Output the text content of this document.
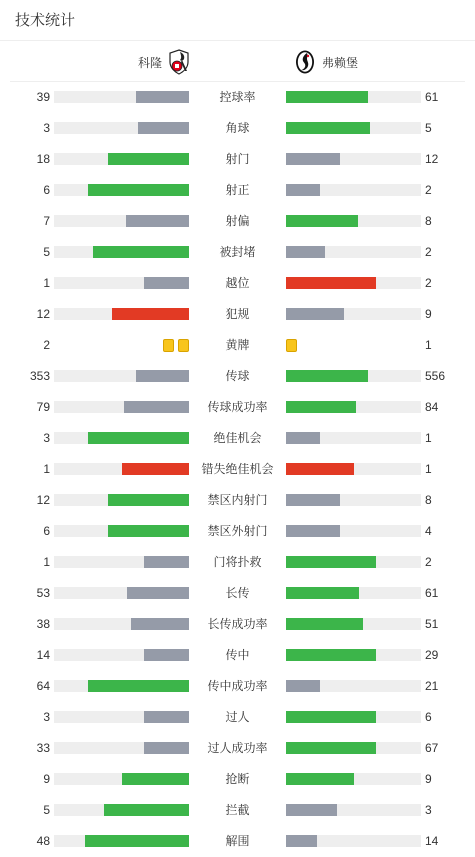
技术统计
科隆	弗赖堡
39	控球率	61
3	角球	5
18	射门	12
6	射正	2
7	射偏	8
5	被封堵	2
1	越位	2
12	犯规	9
2	黄牌	1
353	传球	556
79	传球成功率	84
3	绝佳机会	1
1	错失绝佳机会	1
12	禁区内射门	8
6	禁区外射门	4
1	门将扑救	2
53	长传	61
38	长传成功率	51
14	传中	29
64	传中成功率	21
3	过人	6
33	过人成功率	67
9	抢断	9
5	拦截	3
48	解围	14
